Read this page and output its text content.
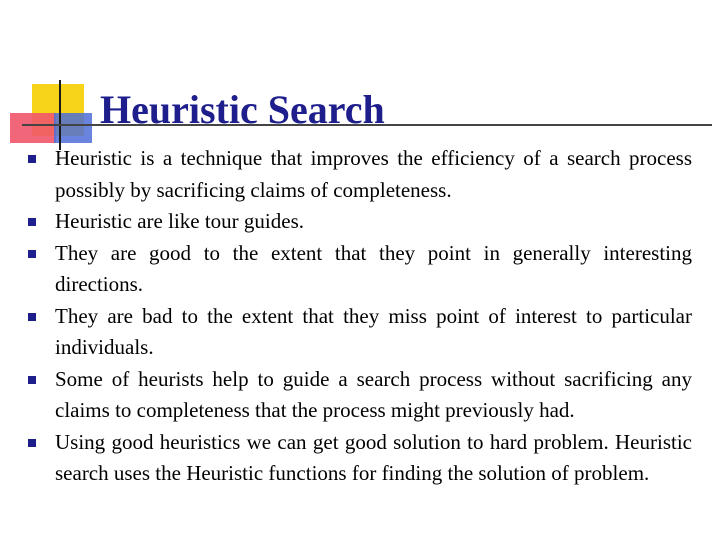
Heuristic Search
Heuristic is a technique that improves the efficiency of a search process possibly by sacrificing claims of completeness.
Heuristic are like tour guides.
They are good to the extent that they point in generally interesting directions.
They are bad to the extent that they miss point of interest to particular individuals.
Some of heurists help to guide a search process without sacrificing any claims to completeness that the process might previously had.
Using good heuristics we can get good solution to hard problem. Heuristic search uses the Heuristic functions for finding the solution of problem.
